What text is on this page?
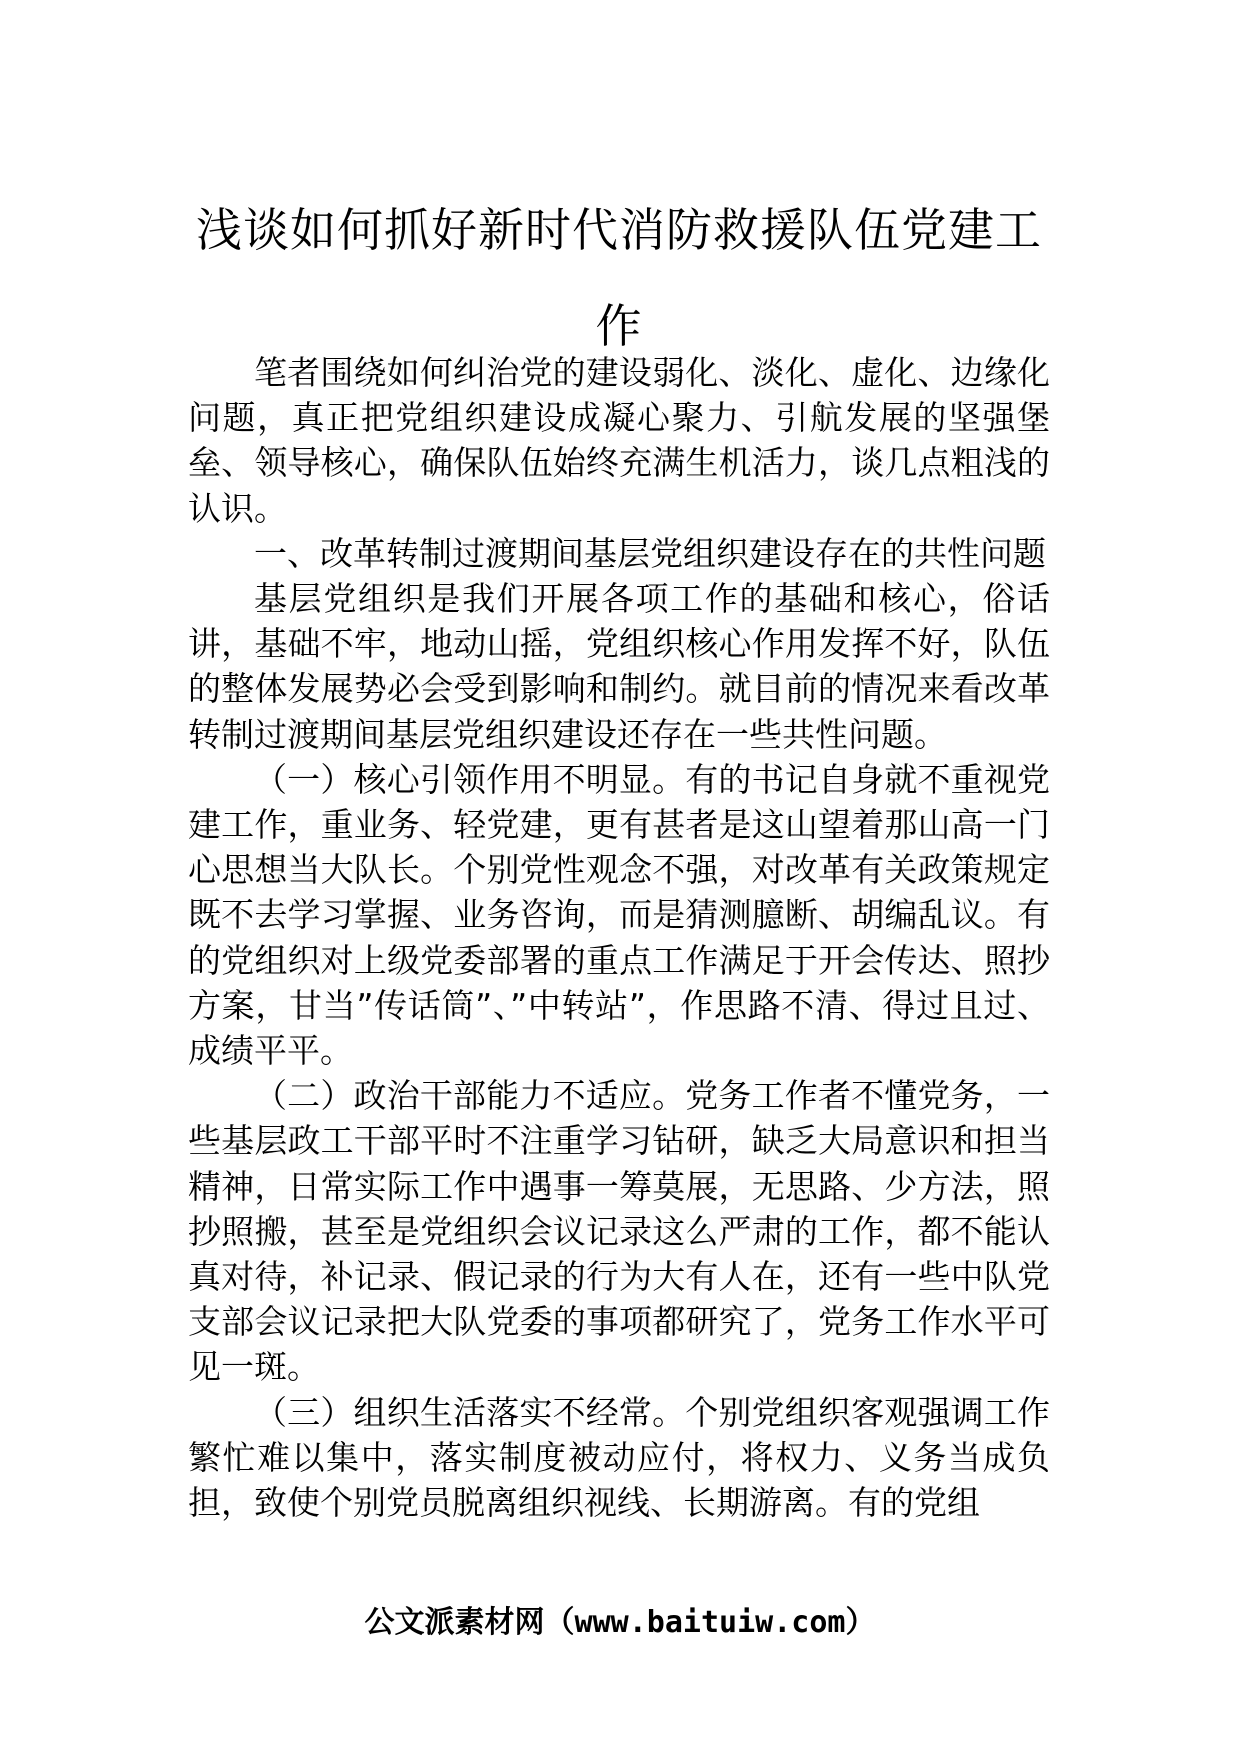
浅谈如何抓好新时代消防救援队伍党建工作

笔者围绕如何纠治党的建设弱化、淡化、虚化、边缘化问题，真正把党组织建设成凝心聚力、引航发展的坚强堡垒、领导核心，确保队伍始终充满生机活力，谈几点粗浅的认识。

一、改革转制过渡期间基层党组织建设存在的共性问题

基层党组织是我们开展各项工作的基础和核心，俗话讲，基础不牢，地动山摇，党组织核心作用发挥不好，队伍的整体发展势必会受到影响和制约。就目前的情况来看改革转制过渡期间基层党组织建设还存在一些共性问题。

（一）核心引领作用不明显。有的书记自身就不重视党建工作，重业务、轻党建，更有甚者是这山望着那山高一门心思想当大队长。个别党性观念不强，对改革有关政策规定既不去学习掌握、业务咨询，而是猜测臆断、胡编乱议。有的党组织对上级党委部署的重点工作满足于开会传达、照抄方案，甘当”传话筒”、”中转站”，作思路不清、得过且过、成绩平平。

（二）政治干部能力不适应。党务工作者不懂党务，一些基层政工干部平时不注重学习钻研，缺乏大局意识和担当精神，日常实际工作中遇事一筹莫展，无思路、少方法，照抄照搬，甚至是党组织会议记录这么严肃的工作，都不能认真对待，补记录、假记录的行为大有人在，还有一些中队党支部会议记录把大队党委的事项都研究了，党务工作水平可见一斑。

（三）组织生活落实不经常。个别党组织客观强调工作繁忙难以集中，落实制度被动应付，将权力、义务当成负担，致使个别党员脱离组织视线、长期游离。有的党组

公文派素材网（www.baituiw.com）
